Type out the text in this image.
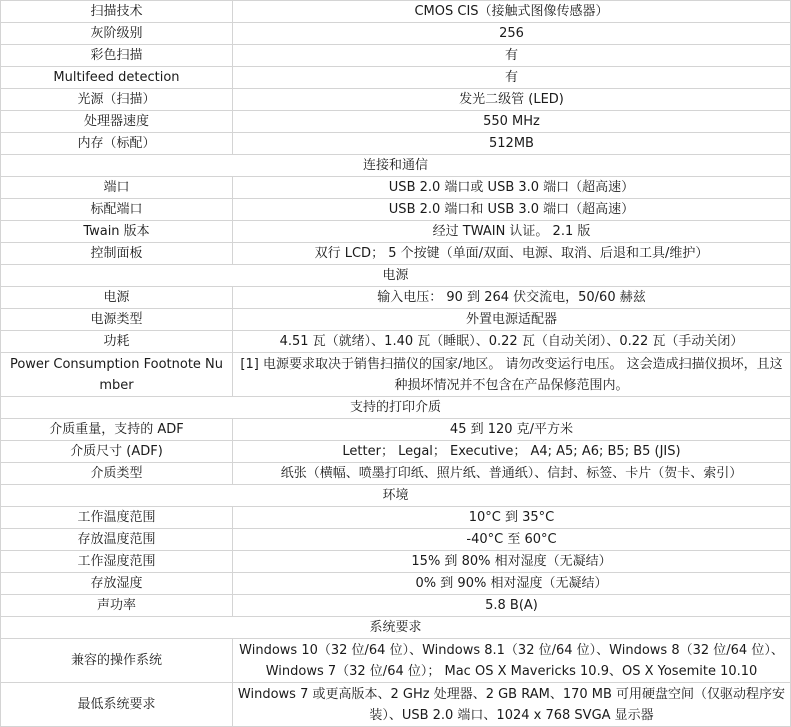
扫描技术	CMOS CIS（接触式图像传感器）
灰阶级别	256
彩色扫描	有
Multifeed detection	有
光源（扫描）	发光二级管 (LED)
处理器速度	550 MHz
内存（标配）	512MB
连接和通信	
端口	USB 2.0 端口或 USB 3.0 端口（超高速）
标配端口	USB 2.0 端口和 USB 3.0 端口（超高速）
Twain 版本	经过 TWAIN 认证。 2.1 版
控制面板	双行 LCD； 5 个按键（单面/双面、电源、取消、后退和工具/维护）
电源	
电源	输入电压： 90 到 264 伏交流电，50/60 赫兹
电源类型	外置电源适配器
功耗	4.51 瓦（就绪）、1.40 瓦（睡眠）、0.22 瓦（自动关闭）、0.22 瓦（手动关闭）
Power Consumption Footnote Number	[1] 电源要求取决于销售扫描仪的国家/地区。 请勿改变运行电压。 这会造成扫描仪损坏，且这种损坏情况并不包含在产品保修范围内。
支持的打印介质	
介质重量，支持的 ADF	45 到 120 克/平方米
介质尺寸 (ADF)	Letter； Legal； Executive； A4; A5; A6; B5; B5 (JIS)
介质类型	纸张（横幅、喷墨打印纸、照片纸、普通纸）、信封、标签、卡片（贺卡、索引）
环境	
工作温度范围	10°C 到 35°C
存放温度范围	-40°C 至 60°C
工作湿度范围	15% 到 80% 相对湿度（无凝结）
存放湿度	0% 到 90% 相对湿度（无凝结）
声功率	5.8 B(A)
系统要求	
兼容的操作系统	Windows 10（32 位/64 位）、Windows 8.1（32 位/64 位）、Windows 8（32 位/64 位）、Windows 7（32 位/64 位）； Mac OS X Mavericks 10.9、OS X Yosemite 10.10
最低系统要求	Windows 7 或更高版本、2 GHz 处理器、2 GB RAM、170 MB 可用硬盘空间（仅驱动程序安装）、USB 2.0 端口、1024 x 768 SVGA 显示器
